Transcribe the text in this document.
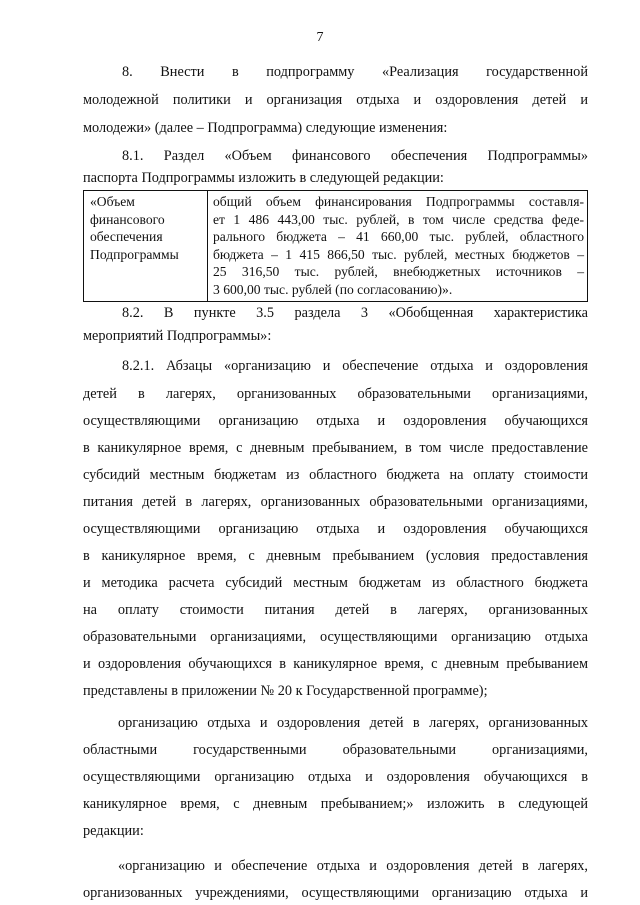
7
8. Внести в подпрограмму «Реализация государственной
молодежной политики и организация отдыха и оздоровления детей и
молодежи» (далее – Подпрограмма) следующие изменения:
8.1. Раздел «Объем финансового обеспечения Подпрограммы»
паспорта Подпрограммы изложить в следующей редакции:
«Объем
финансового
обеспечения
Подпрограммы
общий объем финансирования Подпрограммы составля-
ет 1 486 443,00 тыс. рублей, в том числе средства феде-
рального бюджета – 41 660,00 тыс. рублей, областного
бюджета – 1 415 866,50 тыс. рублей, местных бюджетов –
25 316,50 тыс. рублей, внебюджетных источников –
3 600,00 тыс. рублей (по согласованию)».
8.2. В пункте 3.5 раздела 3 «Обобщенная характеристика
мероприятий Подпрограммы»:
8.2.1. Абзацы «организацию и обеспечение отдыха и оздоровления
детей в лагерях, организованных образовательными организациями,
осуществляющими организацию отдыха и оздоровления обучающихся
в каникулярное время, с дневным пребыванием, в том числе предоставление
субсидий местным бюджетам из областного бюджета на оплату стоимости
питания детей в лагерях, организованных образовательными организациями,
осуществляющими организацию отдыха и оздоровления обучающихся
в каникулярное время, с дневным пребыванием (условия предоставления
и методика расчета субсидий местным бюджетам из областного бюджета
на оплату стоимости питания детей в лагерях, организованных
образовательными организациями, осуществляющими организацию отдыха
и оздоровления обучающихся в каникулярное время, с дневным пребыванием
представлены в приложении № 20 к Государственной программе);
организацию отдыха и оздоровления детей в лагерях, организованных
областными государственными образовательными организациями,
осуществляющими организацию отдыха и оздоровления обучающихся в
каникулярное время, с дневным пребыванием;» изложить в следующей
редакции:
«организацию и обеспечение отдыха и оздоровления детей в лагерях,
организованных учреждениями, осуществляющими организацию отдыха и
